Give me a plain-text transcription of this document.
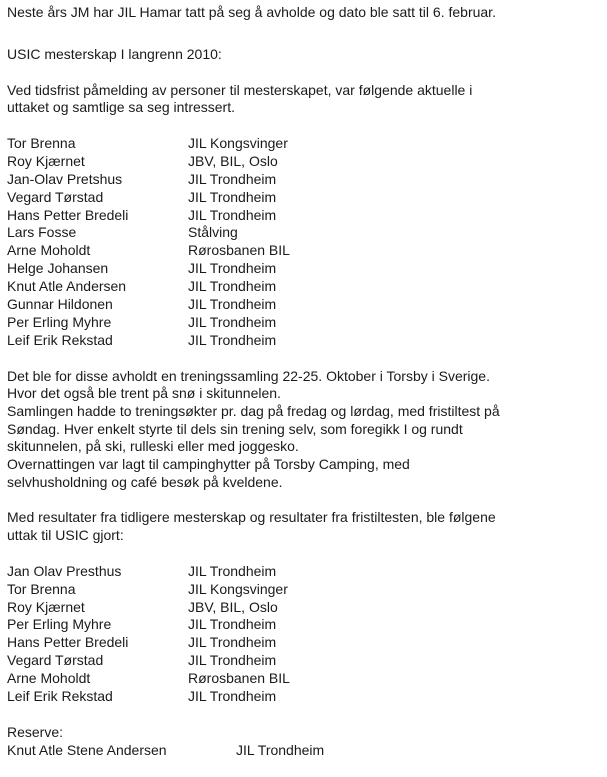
Neste års JM har JIL Hamar tatt på seg å avholde og dato ble satt til 6. februar.
USIC mesterskap I langrenn 2010:
Ved tidsfrist påmelding av personer til mesterskapet, var følgende aktuelle i
uttaket og samtlige sa seg intressert.
Tor Brenna	JIL Kongsvinger
Roy Kjærnet	JBV, BIL, Oslo
Jan-Olav Pretshus	JIL Trondheim
Vegard Tørstad	JIL Trondheim
Hans Petter Bredeli	JIL Trondheim
Lars Fosse	Stålving
Arne Moholdt	Rørosbanen BIL
Helge Johansen	JIL Trondheim
Knut Atle Andersen	JIL Trondheim
Gunnar Hildonen	JIL Trondheim
Per Erling Myhre	JIL Trondheim
Leif Erik Rekstad	JIL Trondheim
Det ble for disse avholdt en treningssamling 22-25. Oktober i Torsby i Sverige.
Hvor det også ble trent på snø i skitunnelen.
Samlingen hadde to treningsøkter pr. dag på fredag og lørdag, med fristiltest på
Søndag. Hver enkelt styrte til dels sin trening selv, som foregikk I og rundt
skitunnelen, på ski, rulleski eller med joggesko.
Overnattingen var lagt til campinghytter på Torsby Camping, med
selvhusholdning og café besøk på kveldene.
Med resultater fra tidligere mesterskap og resultater fra fristiltesten, ble følgene
uttak til USIC gjort:
Jan Olav Presthus	JIL Trondheim
Tor Brenna	JIL Kongsvinger
Roy Kjærnet	JBV, BIL, Oslo
Per Erling Myhre	JIL Trondheim
Hans Petter Bredeli	JIL Trondheim
Vegard Tørstad	JIL Trondheim
Arne Moholdt	Rørosbanen BIL
Leif Erik Rekstad	JIL Trondheim
Reserve:
Knut Atle Stene Andersen	JIL Trondheim
